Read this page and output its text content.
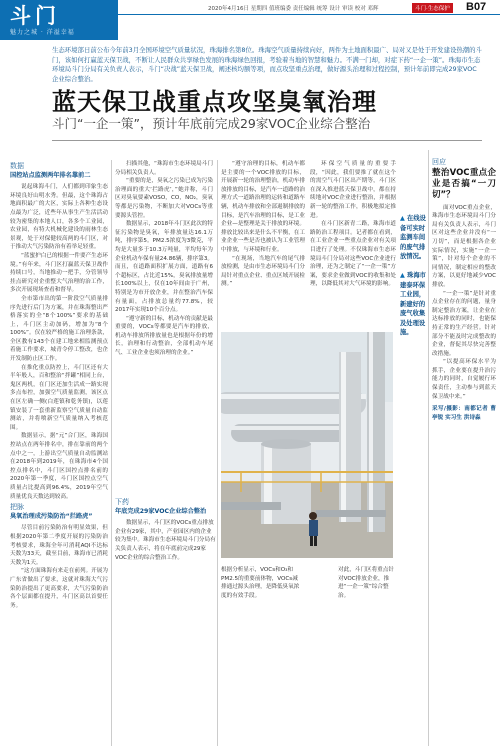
斗门
魅力之城 · 洋溢幸福
2020年4月16日 星期四 值班编委 责任编辑 统筹 设计 审读 校对 邓辉	斗门·生态保护 B07
生态环境部日前公布今年前3月全国环境空气质量状况，珠海排名第8位。珠海空气质量持续向好，两件为土地面积最广、局对又是处于开发建设热潮的斗门，该如何打赢蓝天保卫战，不断让人民群众共享绿色发展的珠海绿色回报，考验着当地的智慧和魅力。不满一门却，对症下药“一企一策”。珠海市生态环境局斗门分局有关负责人表示，斗门“决战”蓝天保卫战，阐述核均额等项，而点攻坚重点治理，做好源头治理和过程控制，预计年前即完成29家VOC企业综合整治。
蓝天保卫战重点攻坚臭氧治理
斗门“一企一策”，预计年底前完成29家VOC企业综合整治
数据
国控站点监测两年排名靠前二

说起珠海斗门，人们都到印象生态环境良好山明水秀。但最，这个珠海占地面积最广的大区，实际上各种生态设点最为广泛，近些年从事生产生活活动较为密集的本地人口，各多个工业园，农业园，有特大机械化建设的雨林生态景观，处于对保健较高两的斗门区，对于推动大气污染防治有着举足轻重。

“蓝蜜护白已的根据一件要产生态环境。”有年来，斗门区打赢蓝天保卫战作持续口号，当地推动一把手，分管领导挂点研究对企重整大气治理的治工作，多次开展现场查看和督导。

全市第市出的第一阶段空气质量排序先进行后门为方案，并在珠海整出严格落实的全“8个100%”要求的基础上，斗门区主动加码，增加为“8个100%”。仅在较严格的施工治理条款，全区教有143个在建工地来相监测预点着施工作要求，城青令停工整改，也企开发制防止区工作。

在推化重点防控上，斗门区还有大半年般人，百和整治“拌罐”相同上台，鬼区两机，在门区还加生活成一路实现多点布控，加强空气质量监测，该区点在区左确一侧(白莲镇和乾务镇)，以莲镇安装了一套重新监察空气质量自动监测站，并将喷新空气质量纳入考核范围。

数据显示，据“元”合门区，珠海国控站点在两年排名中，排在靠前的两个点中之一，上游出空气质量自动监测站在2018年到2019年，在珠海市4个国控点排名中，斗门区国控点排名前的2020年第一季度，斗门区国控点空气质量占比提高到96.4%，2019年空气质量优良天数达到较高。

把脉
臭氧治理成污染防治“拦路虎”

尽管目前污染防治有明显效果，但根据2020年第二季度开展的污染防治考核要求，珠海全年可消耗AQI不达标天数为33天，截至目前，珠海市已消耗天数为1天。

“这方面珠海有来走在前列。开展为广东省做出了要求，这就对珠海大气污染防治提出了更高要求，大气污染防治各个层面都在提升，斗门区高以首要任务。

扫描其他，“珠海市生态环境局斗门分局相关负责人。

“重要的是，臭氧之污染已成为污染治理面的重大‘拦路虎’，”她并称，斗门区对臭氧要素VOSO，CO，NO₂，臭氧等都是污染物，不断加大对VOCs等重要源头管控。

数据显示，2018年斗门区此次的特征污染物是臭氧，年排放量达16.1万吨，排序第5。PM2.5浓度为3微克，平均是大量多于10.3万吨量，平均每年为企业机动车保有量24.86辆，排序第3。而且，在道路面积扩展方面，道路有6个超标区，占比近15%，臭氧排放量增长100%以上，仅在10年间由于广州，特别是为市开放企业，并在整治汽车保有量面，占排放总量约77.8%，较2017年实现10个百分点。

“遵守新的目标，机动车的贡献是最重要的，VOCs等都要是汽车的排放，机动车排放所排放量也是根据年份的增长，治理和行动整治，全部机动车尾气、工业企业也须治理的企业。”

“遵守治理的目标，机动车都是主要的一个VOC排放的目标，开展新一轮的治理整治，机动车排放排放的目标，是汽车一道路的治理方式一道路治理的运转和道路车辆，机动车排放和全部遏制排放的目标，是汽车治理的目标，是工业企业—是整理是关于排放的环境。排放比较出来是什么不平衡，在工业企业一些是否也被认为工业管理中排放，与环境和行业。

“在现场，当地汽车的尾气排放检测，是由市生态环境局斗门分局针对重点企业、重点区域开展检测。”

环保空气质量的重要手段，“因此，我们要推了就在这个的需空气斗门区出产期等，斗门区在深入推进蓝天保卫战中，都在持续地对VOC企业进行整治，并根据新一轮的整治工作，积极地拟定推进。

在斗门区新青二路，珠海市道路防治工程项目。记者都在看到，在工业企业一些重点企业对有关项目进行了处理。不仅珠海市生态环境局斗门分局对这些VOC企业进行治理，还为之制定了“一企一策”方案，要求企业做到VOC的收集和处理，以降低其对大气环境的影响。

▲ 在线设备可实时监测车间的废气排放情况。

▲ 珠海市建泰环保工业园，新建好的废气收集及处理设施。
回应
整治VOC重点企业是否搞“一刀切”？

面对VOC重点企业，珠海市生态环境局斗门分局有关负责人表示，斗门区对这些企业并没有“一刀切”，而是根据各企业实际情况，实施“一企一策”，针对每个企业的不同情况，制定相应的整改方案，以更好地减少VOC排放。

“一企一策”是针对重点企业存在的问题，量身制定整治方案，让企业在达标排放的同时，也能保持正常的生产经营。针对部分不能及时完成整改的企业，督促其尽快完善整改措施。

“以提高环保水平为抓手，企业要在提升治污能力的同时，自觉履行环保责任，主动参与到蓝天保卫战中来。”

采写/摄影：南都记者 曹亭锐 实习生 洪诗淼
下药
年底完成29家VOC企业综合整治

数据显示，斗门区的VOCs重点排放企业有29家，其中，产业园区内的企业较为集中。珠海市生态环境局斗门分局有关负责人表示，将在年底前完成29家VOC企业的综合整治工作。

根据分析显示，VOCs和O₃和PM2.5的重要前体物，VOCs减排通过源头治理，是降低臭氧浓度的有效手段。
对此，斗门区将重点针对VOC排放企业，推进“一企一策”综合整治。
